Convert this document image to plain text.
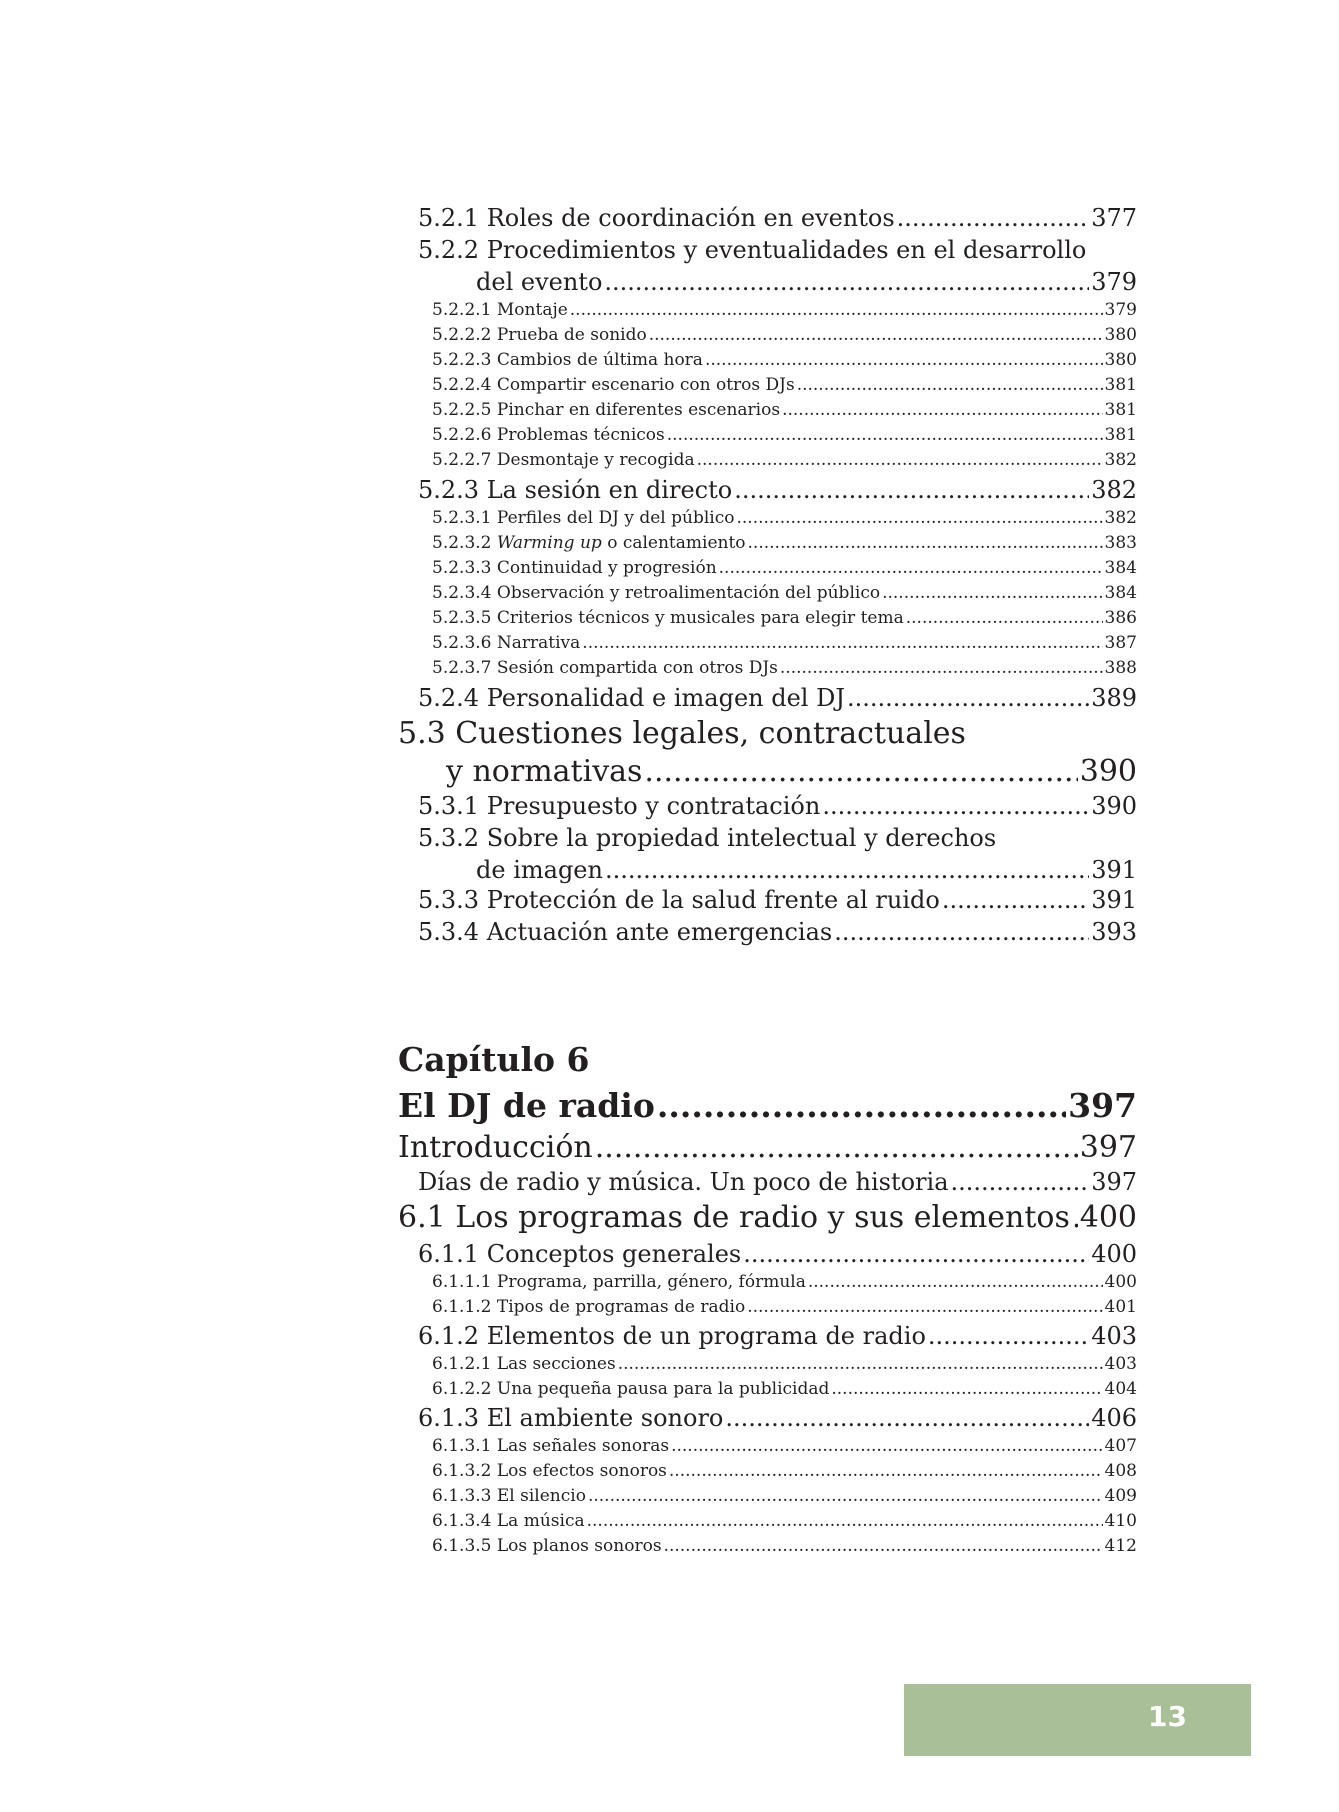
5.2.1 Roles de coordinación en eventos .....	377
5.2.2 Procedimientos y eventualidades en el desarrollo
del evento .....	379
5.2.2.1 Montaje .....	379
5.2.2.2 Prueba de sonido .....	380
5.2.2.3 Cambios de última hora .....	380
5.2.2.4 Compartir escenario con otros DJs .....	381
5.2.2.5 Pinchar en diferentes escenarios .....	381
5.2.2.6 Problemas técnicos .....	381
5.2.2.7 Desmontaje y recogida .....	382
5.2.3 La sesión en directo .....	382
5.2.3.1 Perfiles del DJ y del público .....	382
5.2.3.2 Warming up o calentamiento .....	383
5.2.3.3 Continuidad y progresión .....	384
5.2.3.4 Observación y retroalimentación del público .....	384
5.2.3.5 Criterios técnicos y musicales para elegir tema .....	386
5.2.3.6 Narrativa .....	387
5.2.3.7 Sesión compartida con otros DJs .....	388
5.2.4 Personalidad e imagen del DJ .....	389
5.3 Cuestiones legales, contractuales
y normativas .....	390
5.3.1 Presupuesto y contratación .....	390
5.3.2 Sobre la propiedad intelectual y derechos
de imagen .....	391
5.3.3 Protección de la salud frente al ruido .....	391
5.3.4 Actuación ante emergencias .....	393
Capítulo 6
El DJ de radio .....	397
Introducción .....	397
Días de radio y música. Un poco de historia .....	397
6.1 Los programas de radio y sus elementos ..... 400
6.1.1 Conceptos generales .....	400
6.1.1.1 Programa, parrilla, género, fórmula .....	400
6.1.1.2 Tipos de programas de radio .....	401
6.1.2 Elementos de un programa de radio .....	403
6.1.2.1 Las secciones .....	403
6.1.2.2 Una pequeña pausa para la publicidad .....	404
6.1.3 El ambiente sonoro .....	406
6.1.3.1 Las señales sonoras .....	407
6.1.3.2 Los efectos sonoros .....	408
6.1.3.3 El silencio .....	409
6.1.3.4 La música .....	410
6.1.3.5 Los planos sonoros .....	412
13
